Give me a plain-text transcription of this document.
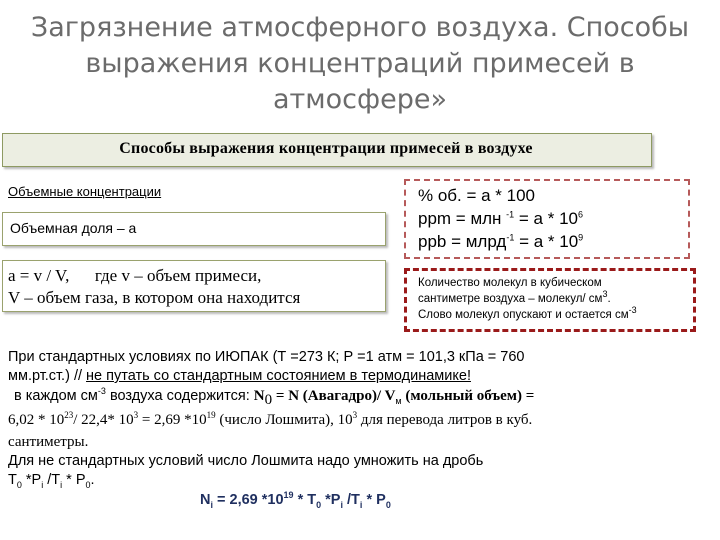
Загрязнение атмосферного воздуха. Способы
выражения концентраций примесей в
атмосфере»
Способы выражения концентрации примесей в воздухе
Объемные концентрации
Объемная доля – a
a = v / V,      где v – объем примеси,
V – объем газа, в котором она находится
% об. = a * 100
ppm = млн $^{-1} = a * 10^6$
ppb = млрд$^{-1}$ = a * $10^9$
Количество молекул в кубическом
сантиметре воздуха – молекул/ $см^3$.
Слово молекул опускают и остается $см^{-3}$
При стандартных условиях по ИЮПАК (Т =273 К; Р =1 атм = 101,3 кПа = 760
мм.рт.ст.) // не путать со стандартным состоянием в термодинамике!
в каждом $см^{-3}$ воздуха содержится: $N_0 = N$ (Авагадро)/ $V_м$ (мольный объем) =
$6,02 * 10^{23}/$ 22,4* $10^3 = 2,69$ $*10^{19}$ (число Лошмита), $10^3$ для перевода литров в куб.
сантиметры.
Для не стандартных условий число Лошмита надо умножить на дробь
$Т_0$ $*Р_i$ $/Т_i * Р_0$.
$N_i = 2,69$ $*10^{19} * Т_0$ $*Р_i$ $/Т_i * Р_0$
